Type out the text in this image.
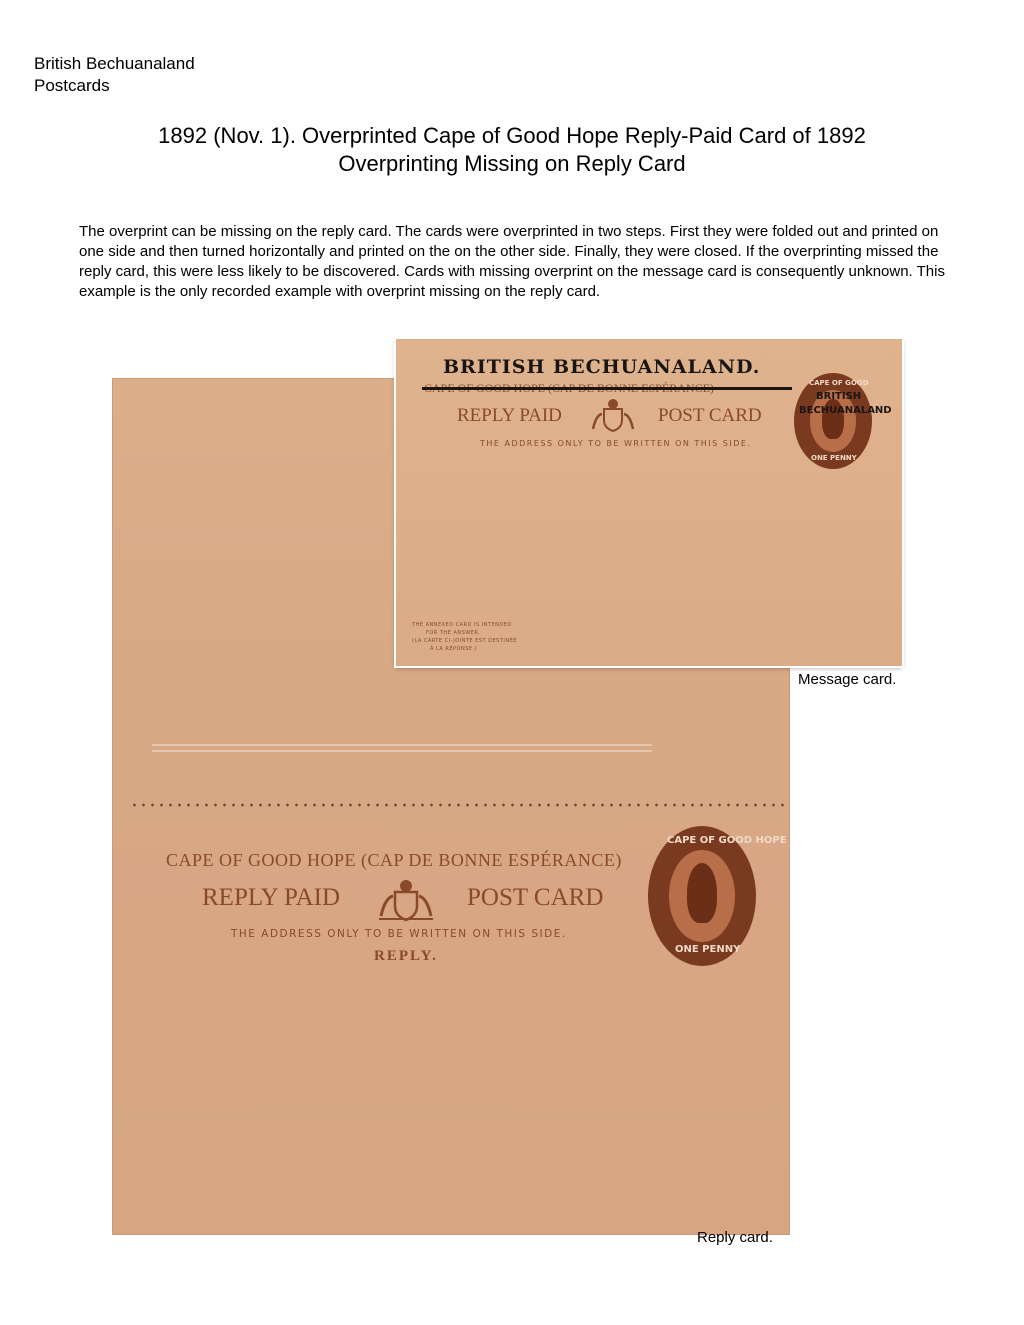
British Bechuanaland
Postcards
1892 (Nov. 1). Overprinted Cape of Good Hope Reply-Paid Card of 1892
Overprinting Missing on Reply Card

The overprint can be missing on the reply card. The cards were overprinted in two steps. First they were folded out and printed on one side and then turned horizontally and printed on the on the other side. Finally, they were closed. If the overprinting missed the reply card, this were less likely to be discovered. Cards with missing overprint on the message card is consequently unknown. This example is the only recorded example with overprint missing on the reply card.

CAPE OF GOOD HOPE (CAP DE BONNE ESPÉRANCE)
REPLY PAID	POST CARD
THE ADDRESS ONLY TO BE WRITTEN ON THIS SIDE.
REPLY.
CAPE OF GOOD HOPE
ONE PENNY
BRITISH BECHUANALAND.
REPLY PAID	POST CARD
THE ADDRESS ONLY TO BE WRITTEN ON THIS SIDE.
THE ANNEXED CARD IS INTENDED
FOR THE ANSWER.
(LA CARTE CI-JOINTE EST DESTINÉE
À LA RÉPONSE.)
CAPE OF GOOD
ONE PENNY
BRITISH
BECHUANALAND
Message card.
Reply card.
